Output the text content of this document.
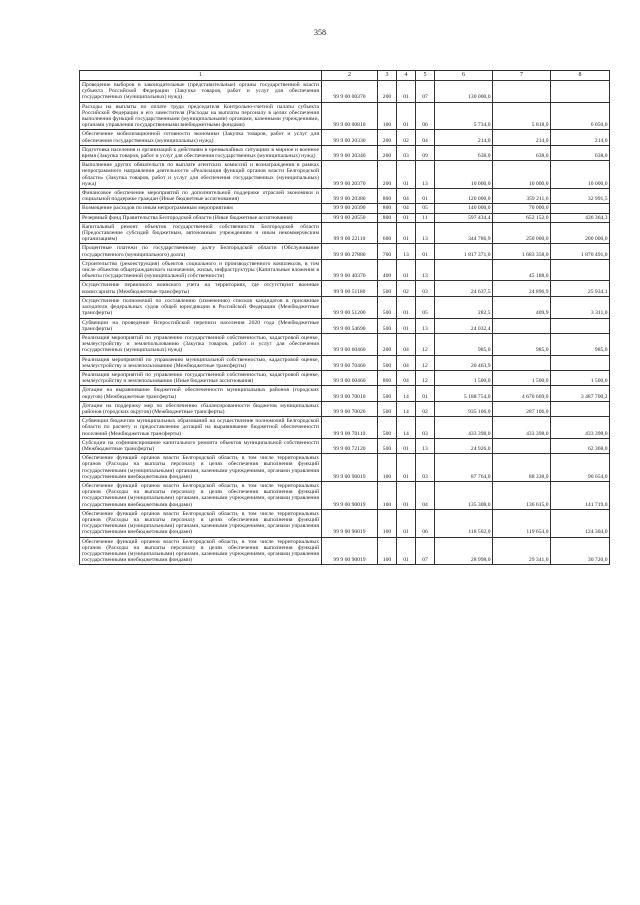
358
1	2	3	4	5	6	7	8
Проведение выборов в законодательные (представительные) органы государственной власти субъекта Российской Федерации (Закупка товаров, работ и услуг для обеспечения государственных (муниципальных) нужд)	99 9 00 00370	200	01	07	130 000,0		
Расходы на выплаты по оплате труда председателя Контрольно-счетной палаты субъекта Российской Федерации и его заместителя (Расходы на выплаты персоналу в целях обеспечения выполнения функций государственными (муниципальными) органами, казенными учреждениями, органами управления государственными внебюджетными фондами)	99 9 00 00810	100	01	06	5 734,0	5 818,0	6 050,0
Обеспечение мобилизационной готовности экономики (Закупка товаров, работ и услуг для обеспечения государственных (муниципальных) нужд)	99 9 00 20330	200	02	04	214,0	214,0	214,0
Подготовка населения и организаций к действиям в чрезвычайных ситуациях в мирное и военное время (Закупка товаров, работ и услуг для обеспечения государственных (муниципальных) нужд)	99 9 00 20340	200	03	09	638,0	638,0	638,0
Выполнение других обязательств по выплате агентских комиссий и вознаграждения в рамках непрограммного направления деятельности «Реализация функций органов власти Белгородской области» (Закупка товаров, работ и услуг для обеспечения государственных (муниципальных) нужд)	99 9 00 20370	200	01	13	10 000,0	10 000,0	10 000,0
Финансовое обеспечение мероприятий по дополнительной поддержке отраслей экономики и социальной поддержке граждан (Иные бюджетные ассигнования)	99 9 00 20380	800	04	01	120 000,0	359 211,6	32 991,5
Возмещение расходов по иным непрограммным мероприятиям	99 9 00 20390	800	04	05	140 000,0	70 000,0	
Резервный фонд Правительства Белгородской области (Иные бюджетные ассигнования)	99 9 00 20550	800	01	11	597 434,4	652 152,0	436 364,3
Капитальный ремонт объектов государственной собственности Белгородской области (Предоставление субсидий бюджетным, автономным учреждениям и иным некоммерческим организациям)	99 9 00 22110	600	01	13	344 786,9	250 000,0	200 000,0
Процентные платежи по государственному долгу Белгородской области (Обслуживание государственного (муниципального) долга)	99 9 00 27880	700	13	01	1 817 371,0	1 683 358,0	1 870 491,0
Строительство (реконструкция) объектов социального и производственного комплексов, в том числе объектов общегражданского назначения, жилья, инфраструктуры (Капитальные вложения в объекты государственной (муниципальной) собственности)	99 9 00 40370	400	01	13		45 188,0	
Осуществление первичного воинского учета на территориях, где отсутствуют военные комиссариаты (Межбюджетные трансферты)	99 9 00 51180	500	02	03	24 637,5	24 896,9	25 934,1
Осуществление полномочий по составлению (изменению) списков кандидатов в присяжные заседатели федеральных судов общей юрисдикции в Российской Федерации (Межбюджетные трансферты)	99 9 00 51200	500	01	05	282,5	409,9	3 311,0
Субвенции на проведение Всероссийской переписи населения 2020 года (Межбюджетные трансферты)	99 9 00 54690	500	01	13	24 032,4		
Реализация мероприятий по управлению государственной собственностью, кадастровой оценке, землеустройству и землепользованию (Закупка товаров, работ и услуг для обеспечения государственных (муниципальных) нужд)	99 9 00 60460	200	04	12	985,0	985,0	985,0
Реализация мероприятий по управлению муниципальной собственностью, кадастровой оценке, землеустройству и землепользованию (Межбюджетные трансферты)	99 9 00 70460	500	04	12	20 463,9		
Реализация мероприятий по управлению государственной собственностью, кадастровой оценке, землеустройству и землепользованию (Иные бюджетные ассигнования)	99 9 00 60460	800	04	12	1 500,0	1 500,0	1 500,0
Дотации на выравнивание бюджетной обеспеченности муниципальных районов (городских округов) (Межбюджетные трансферты)	99 9 00 70010	500	14	01	5 188 754,0	4 670 669,0	3 487 700,2
Дотации на поддержку мер по обеспечению сбалансированности бюджетов муниципальных районов (городских округов) (Межбюджетные трансферты)	99 9 00 70020	500	14	02	935 106,0	287 106,0	
Субвенции бюджетам муниципальных образований на осуществление полномочий Белгородской области по расчету и предоставлению дотаций на выравнивание бюджетной обеспеченности поселений (Межбюджетные трансферты)	99 9 00 70110	500	14	03	433 398,0	433 398,0	433 398,0
Субсидии на софинансирование капитального ремонта объектов муниципальной собственности (Межбюджетные трансферты)	99 9 00 72120	500	01	13	24 926,0		62 368,0
Обеспечение функций органов власти Белгородской области, в том числе территориальных органов (Расходы на выплаты персоналу в целях обеспечения выполнения функций государственными (муниципальными) органами, казенными учреждениями, органами управления государственными внебюджетными фондами)	99 9 00 90019	100	01	03	87 764,0	88 338,0	90 654,0
Обеспечение функций органов власти Белгородской области, в том числе территориальных органов (Расходы на выплаты персоналу в целях обеспечения выполнения функций государственными (муниципальными) органами, казенными учреждениями, органами управления государственными внебюджетными фондами)	99 9 00 90019	100	01	04	135 308,0	136 615,0	141 719,0
Обеспечение функций органов власти Белгородской области, в том числе территориальных органов (Расходы на выплаты персоналу в целях обеспечения выполнения функций государственными (муниципальными) органами, казенными учреждениями, органами управления государственными внебюджетными фондами)	99 9 00 90019	100	01	06	118 502,0	119 654,0	124 304,0
Обеспечение функций органов власти Белгородской области, в том числе территориальных органов (Расходы на выплаты персоналу в целях обеспечения выполнения функций государственными (муниципальными) органами, казенными учреждениями, органами управления государственными внебюджетными фондами)	99 9 00 90019	100	01	07	28 998,0	29 341,0	30 720,0
